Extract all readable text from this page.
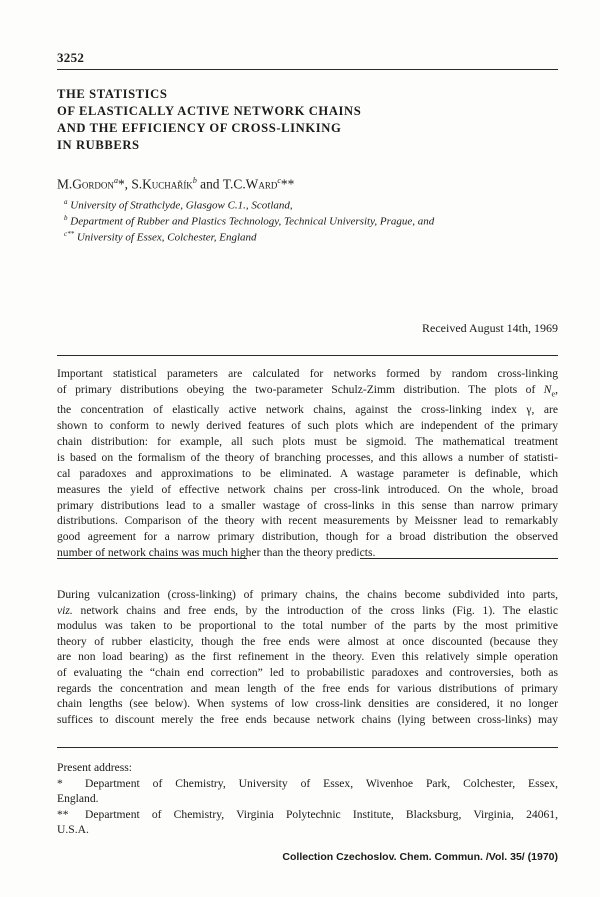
3252
THE STATISTICS
OF ELASTICALLY ACTIVE NETWORK CHAINS
AND THE EFFICIENCY OF CROSS-LINKING
IN RUBBERS
M.Gordon$^a$*, S.Kuchařík$^b$ and T.C.Ward$^c$**
$^a$ University of Strathclyde, Glasgow C.1., Scotland,
$^b$ Department of Rubber and Plastics Technology, Technical University, Prague, and
$^{c**}$ University of Essex, Colchester, England
Received August 14th, 1969
Important statistical parameters are calculated for networks formed by random cross-linking
of primary distributions obeying the two-parameter Schulz-Zimm distribution. The plots of $N_e$,
the concentration of elastically active network chains, against the cross-linking index γ, are
shown to conform to newly derived features of such plots which are independent of the primary
chain distribution: for example, all such plots must be sigmoid. The mathematical treatment
is based on the formalism of the theory of branching processes, and this allows a number of statisti-
cal paradoxes and approximations to be eliminated. A wastage parameter is definable, which
measures the yield of effective network chains per cross-link introduced. On the whole, broad
primary distributions lead to a smaller wastage of cross-links in this sense than narrow primary
distributions. Comparison of the theory with recent measurements by Meissner lead to remarkably
good agreement for a narrow primary distribution, though for a broad distribution the observed
number of network chains was much higher than the theory predicts.
During vulcanization (cross-linking) of primary chains, the chains become subdivided into parts,
viz. network chains and free ends, by the introduction of the cross links (Fig. 1). The elastic
modulus was taken to be proportional to the total number of the parts by the most primitive
theory of rubber elasticity, though the free ends were almost at once discounted (because they
are non load bearing) as the first refinement in the theory. Even this relatively simple operation
of evaluating the “chain end correction” led to probabilistic paradoxes and controversies, both as
regards the concentration and mean length of the free ends for various distributions of primary
chain lengths (see below). When systems of low cross-link densities are considered, it no longer
suffices to discount merely the free ends because network chains (lying between cross-links) may
Present address:
*	Department of Chemistry, University of Essex, Wivenhoe Park, Colchester, Essex,
England.
**	Department of Chemistry, Virginia Polytechnic Institute, Blacksburg, Virginia, 24061,
U.S.A.
Collection Czechoslov. Chem. Commun. /Vol. 35/ (1970)
